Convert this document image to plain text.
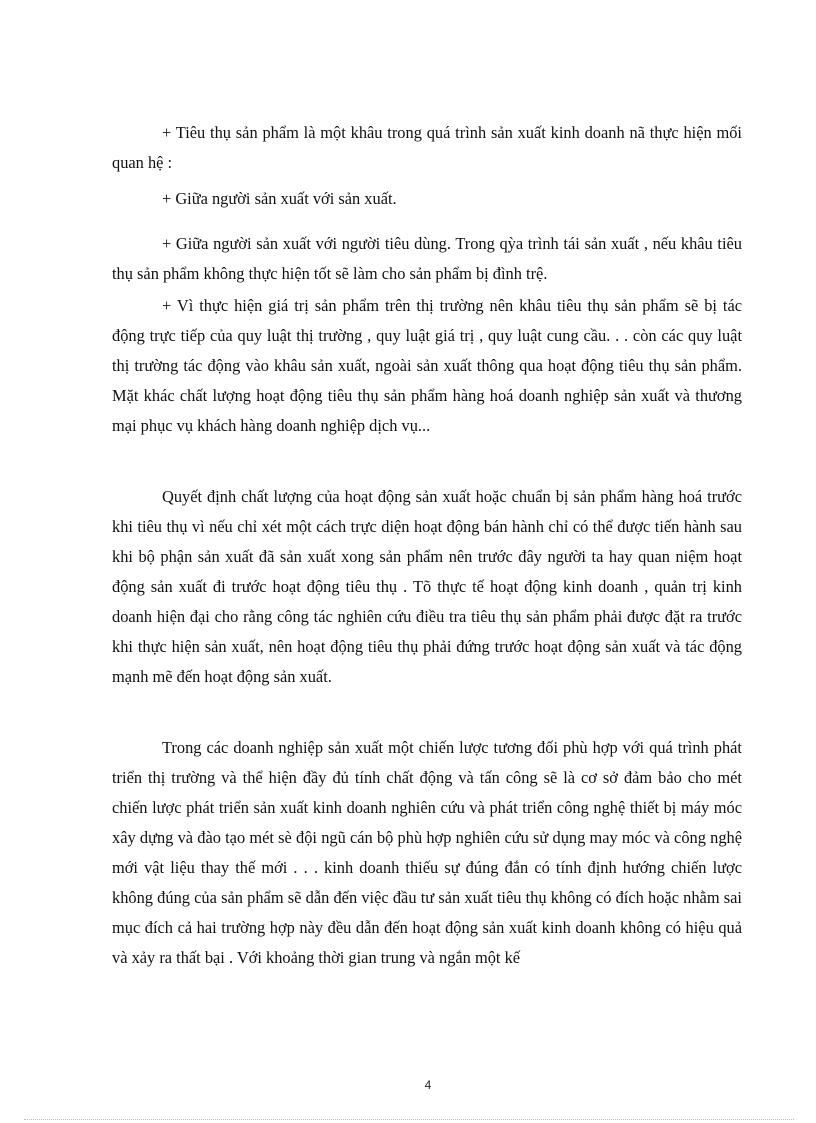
+ Tiêu thụ sản phẩm là một khâu trong quá trình sản xuất kinh doanh nã thực hiện mối quan hệ :

+ Giữa người sản xuất với sản xuất.

+ Giữa người sản xuất với người tiêu dùng. Trong qỳa trình tái sản xuất , nếu khâu tiêu thụ sản phẩm không thực hiện tốt sẽ làm cho sản phẩm bị đình trệ.

+ Vì thực hiện giá trị sản phẩm trên thị trường nên khâu tiêu thụ sản phẩm sẽ bị tác động trực tiếp của quy luật thị trường , quy luật giá trị , quy luật cung cầu. . . còn các quy luật thị trường tác động vào khâu sản xuất, ngoài sản xuất thông qua hoạt động tiêu thụ sản phẩm. Mặt khác chất lượng hoạt động tiêu thụ sản phẩm hàng hoá doanh nghiệp sản xuất và thương mại phục vụ khách hàng doanh nghiệp dịch vụ...

Quyết định chất lượng của hoạt động sản xuất hoặc chuẩn bị sản phẩm hàng hoá trước khi tiêu thụ vì nếu chỉ xét một cách trực diện hoạt động bán hành chỉ có thể được tiến hành sau khi bộ phận sản xuất đã sản xuất xong sản phẩm nên trước đây người ta hay quan niệm hoạt động sản xuất đi trước hoạt động tiêu thụ . Tõ thực tế hoạt động kinh doanh , quản trị kinh doanh hiện đại cho rằng công tác nghiên cứu điều tra tiêu thụ sản phẩm phải được đặt ra trước khi thực hiện sản xuất, nên hoạt động tiêu thụ phải đứng trước hoạt động sản xuất và tác động mạnh mẽ đến hoạt động sản xuất.

Trong các doanh nghiệp sản xuất một chiến lược tương đối phù hợp với quá trình phát triển thị trường và thể hiện đầy đủ tính chất động và tấn công sẽ là cơ sở đảm bảo cho mét chiến lược phát triển sản xuất kinh doanh nghiên cứu và phát triển công nghệ thiết bị máy móc xây dựng và đào tạo mét sè đội ngũ cán bộ phù hợp nghiên cứu sử dụng may móc và công nghệ mới vật liệu thay thế mới . . . kinh doanh thiếu sự đúng đắn có tính định hướng chiến lược không đúng của sản phẩm sẽ dẫn đến việc đầu tư sản xuất tiêu thụ không có đích hoặc nhằm sai mục đích cả hai trường hợp này đều dẫn đến hoạt động sản xuất kinh doanh không có hiệu quả và xảy ra thất bại . Với khoảng thời gian trung và ngắn một kế

4
